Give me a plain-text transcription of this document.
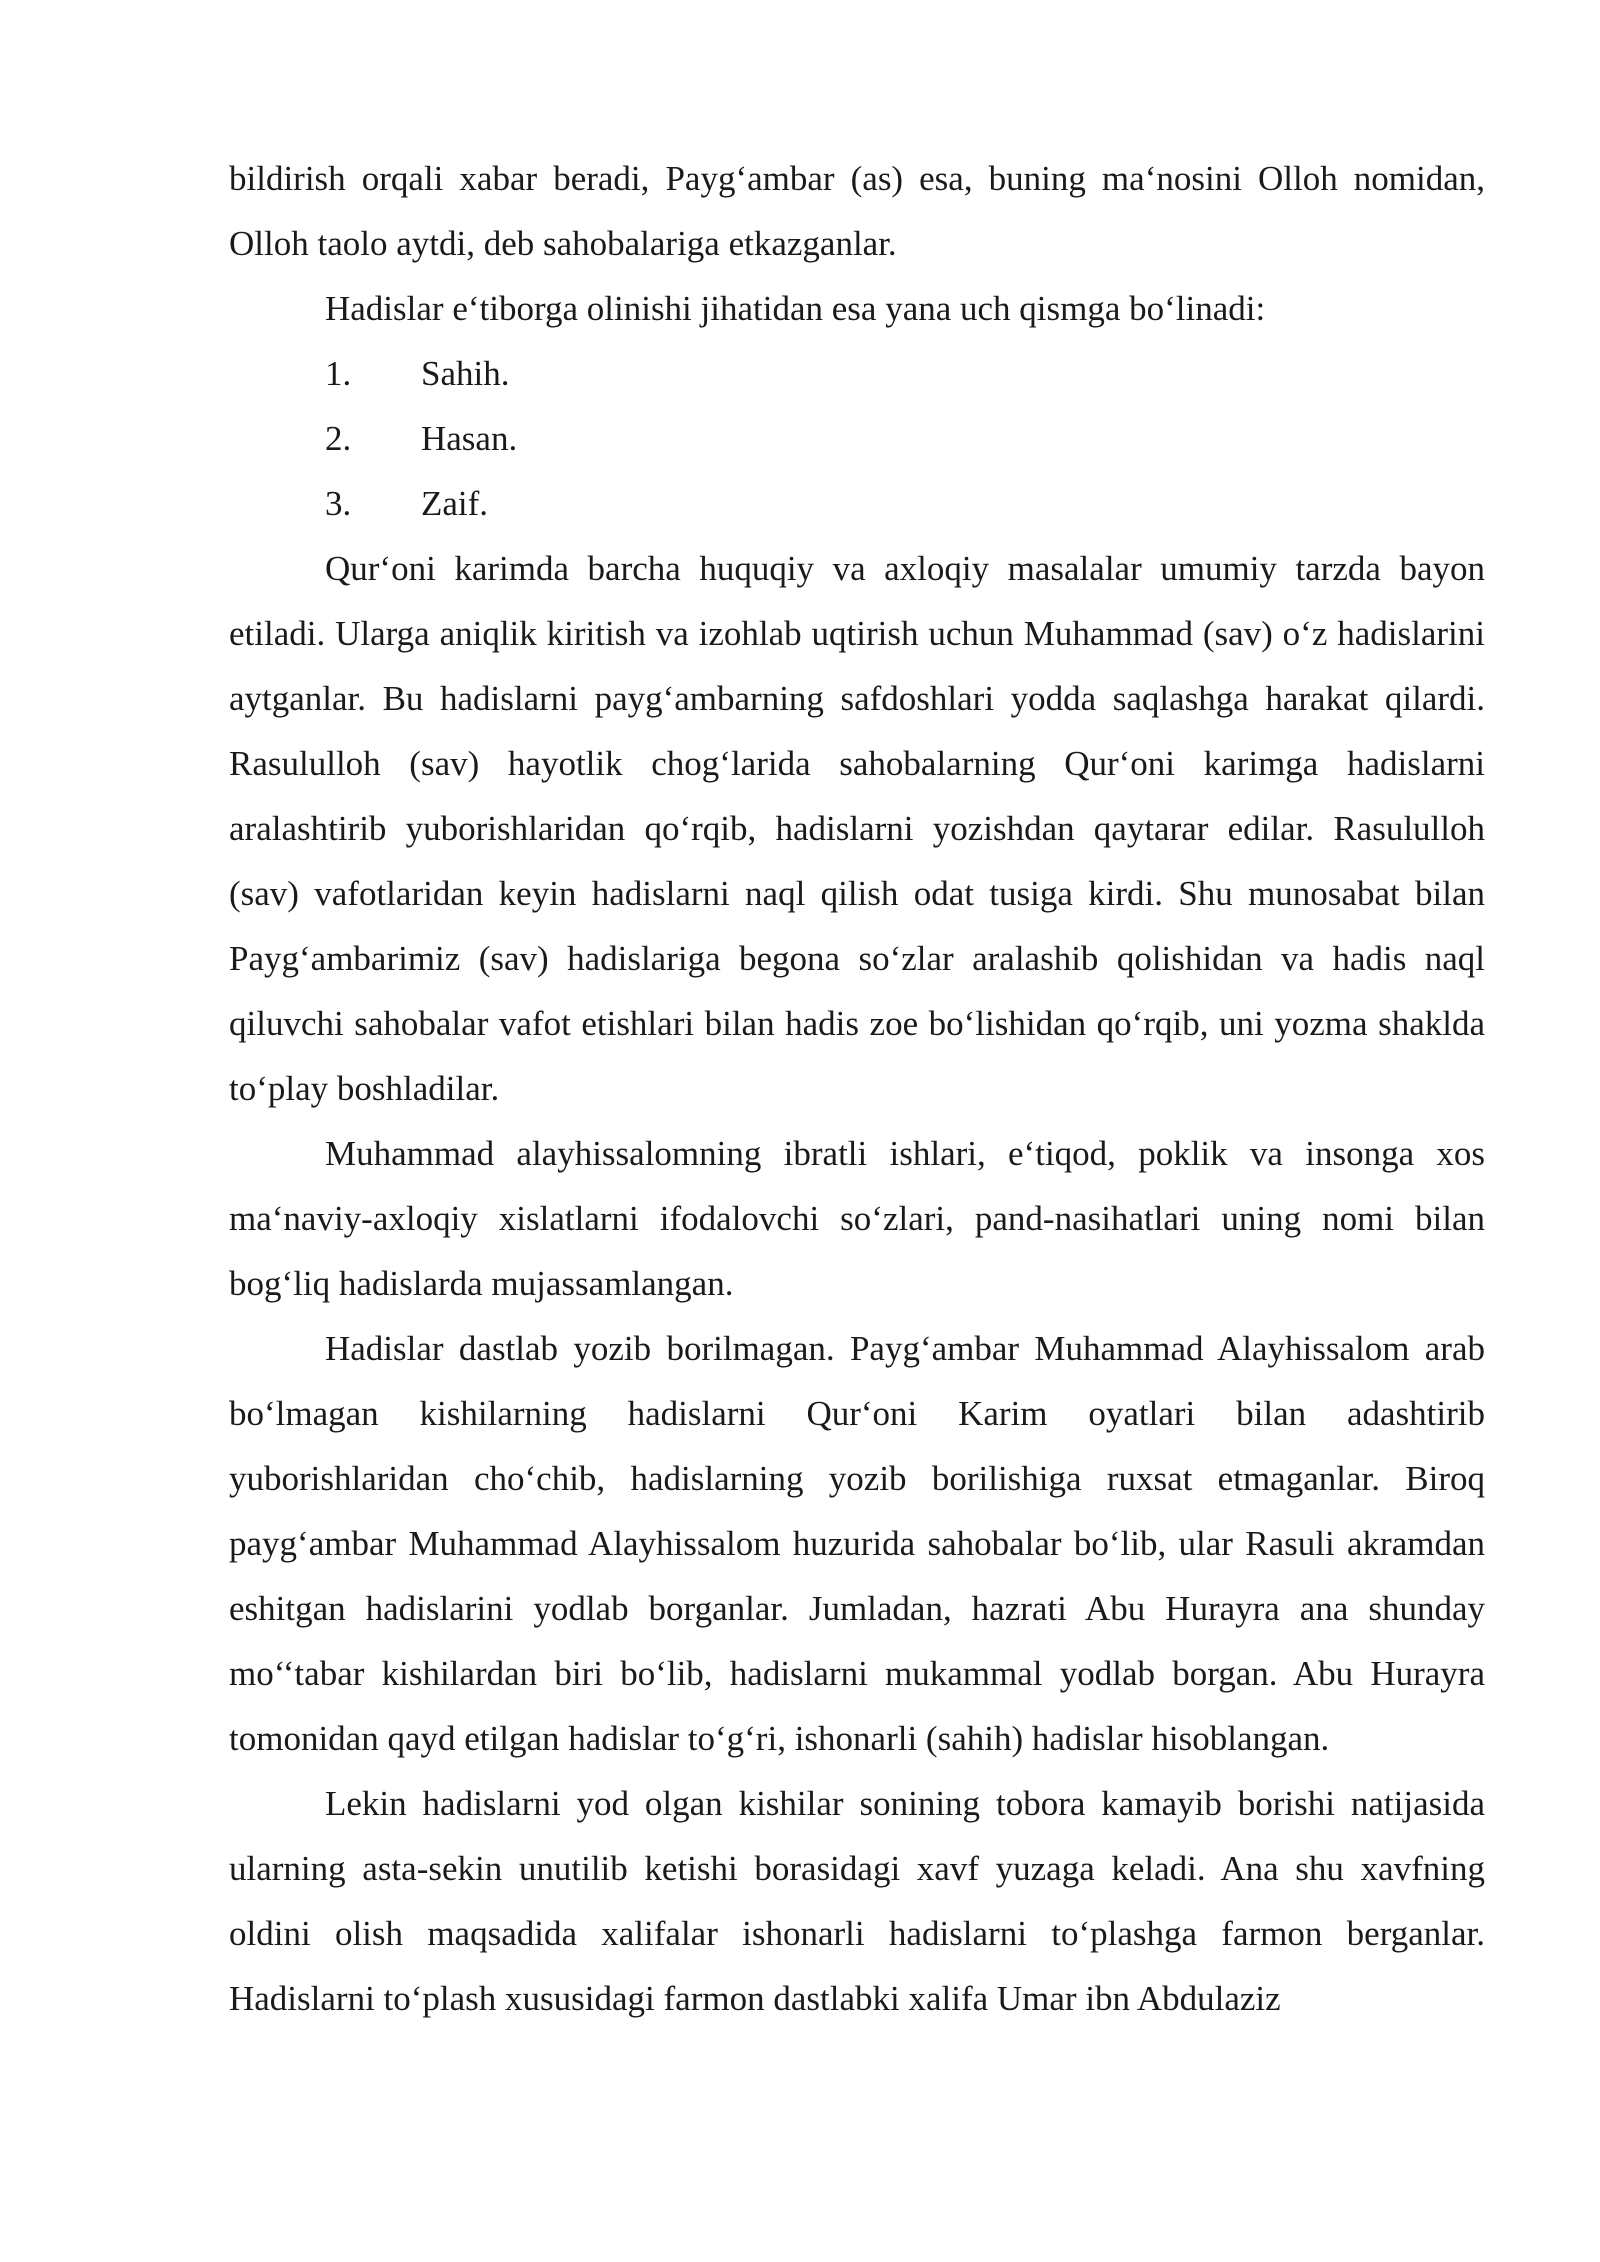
bildirish orqali xabar beradi, Payg‘ambar (as) esa, buning ma‘nosini Olloh nomidan, Olloh taolo aytdi, deb sahobalariga etkazganlar.

Hadislar e‘tiborga olinishi jihatidan esa yana uch qismga bo‘linadi:

1. Sahih.
2. Hasan.
3. Zaif.

Qur‘oni karimda barcha huquqiy va axloqiy masalalar umumiy tarzda bayon etiladi. Ularga aniqlik kiritish va izohlab uqtirish uchun Muhammad (sav) o‘z hadislarini aytganlar. Bu hadislarni payg‘ambarning safdoshlari yodda saqlashga harakat qilardi. Rasululloh (sav) hayotlik chog‘larida sahobalarning Qur‘oni karimga hadislarni aralashtirib yuborishlaridan qo‘rqib, hadislarni yozishdan qaytarar edilar. Rasululloh (sav) vafotlaridan keyin hadislarni naql qilish odat tusiga kirdi. Shu munosabat bilan Payg‘ambarimiz (sav) hadislariga begona so‘zlar aralashib qolishidan va hadis naql qiluvchi sahobalar vafot etishlari bilan hadis zoe bo‘lishidan qo‘rqib, uni yozma shaklda to‘play boshladilar.

Muhammad alayhissalomning ibratli ishlari, e‘tiqod, poklik va insonga xos ma‘naviy-axloqiy xislatlarni ifodalovchi so‘zlari, pand-nasihatlari uning nomi bilan bog‘liq hadislarda mujassamlangan.

Hadislar dastlab yozib borilmagan. Payg‘ambar Muhammad Alayhissalom arab bo‘lmagan kishilarning hadislarni Qur‘oni Karim oyatlari bilan adashtirib yuborishlaridan cho‘chib, hadislarning yozib borilishiga ruxsat etmaganlar. Biroq payg‘ambar Muhammad Alayhissalom huzurida sahobalar bo‘lib, ular Rasuli akramdan eshitgan hadislarini yodlab borganlar. Jumladan, hazrati Abu Hurayra ana shunday mo‘‘tabar kishilardan biri bo‘lib, hadislarni mukammal yodlab borgan. Abu Hurayra tomonidan qayd etilgan hadislar to‘g‘ri, ishonarli (sahih) hadislar hisoblangan.

Lekin hadislarni yod olgan kishilar sonining tobora kamayib borishi natijasida ularning asta-sekin unutilib ketishi borasidagi xavf yuzaga keladi. Ana shu xavfning oldini olish maqsadida xalifalar ishonarli hadislarni to‘plashga farmon berganlar. Hadislarni to‘plash xususidagi farmon dastlabki xalifa Umar ibn Abdulaziz
